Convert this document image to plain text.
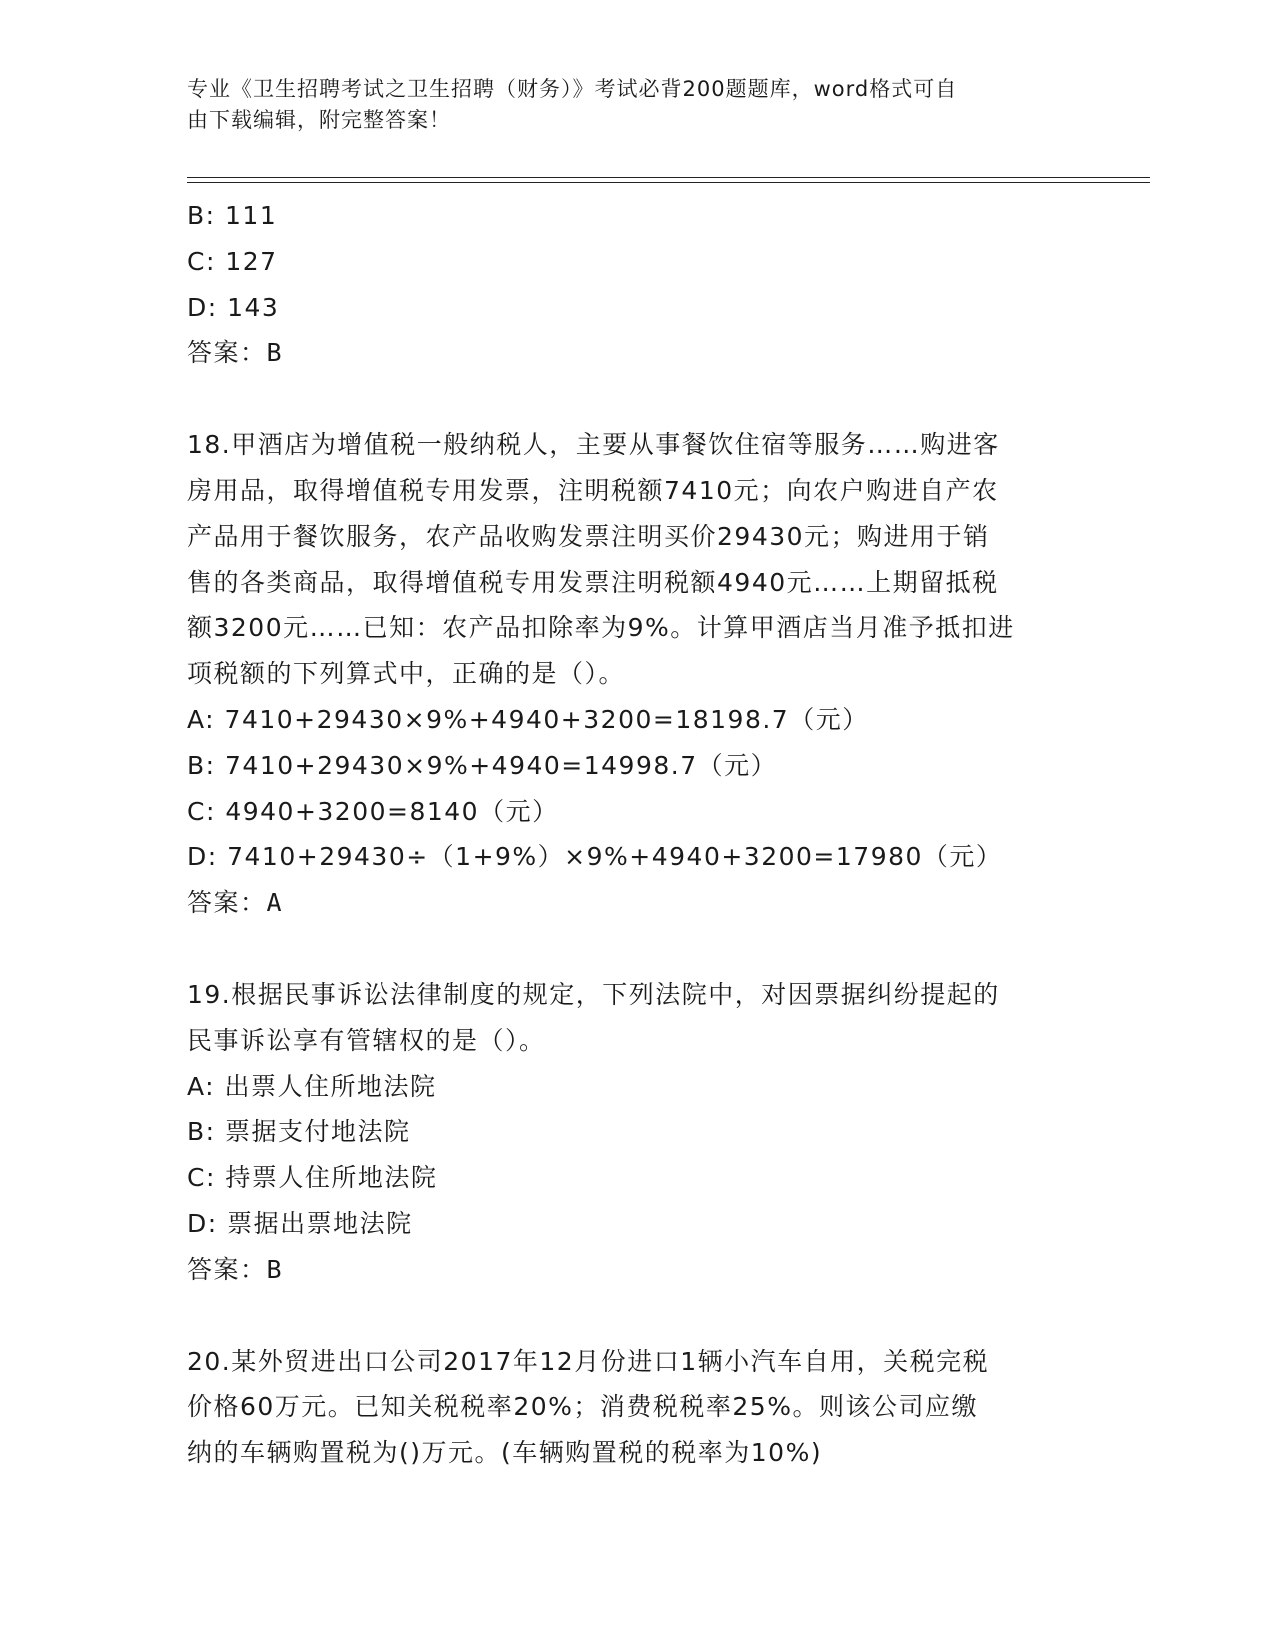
专业《卫生招聘考试之卫生招聘（财务）》考试必背200题题库，word格式可自
由下载编辑，附完整答案！
B: 111
C: 127
D: 143
答案：B
18.甲酒店为增值税一般纳税人，主要从事餐饮住宿等服务……购进客
房用品，取得增值税专用发票，注明税额7410元；向农户购进自产农
产品用于餐饮服务，农产品收购发票注明买价29430元；购进用于销
售的各类商品，取得增值税专用发票注明税额4940元……上期留抵税
额3200元……已知：农产品扣除率为9%。计算甲酒店当月准予抵扣进
项税额的下列算式中，正确的是（）。
A: 7410+29430×9%+4940+3200=18198.7（元）
B: 7410+29430×9%+4940=14998.7（元）
C: 4940+3200=8140（元）
D: 7410+29430÷（1+9%）×9%+4940+3200=17980（元）
答案：A
19.根据民事诉讼法律制度的规定，下列法院中，对因票据纠纷提起的
民事诉讼享有管辖权的是（）。
A: 出票人住所地法院
B: 票据支付地法院
C: 持票人住所地法院
D: 票据出票地法院
答案：B
20.某外贸进出口公司2017年12月份进口1辆小汽车自用，关税完税
价格60万元。已知关税税率20%；消费税税率25%。则该公司应缴
纳的车辆购置税为()万元。(车辆购置税的税率为10%)
